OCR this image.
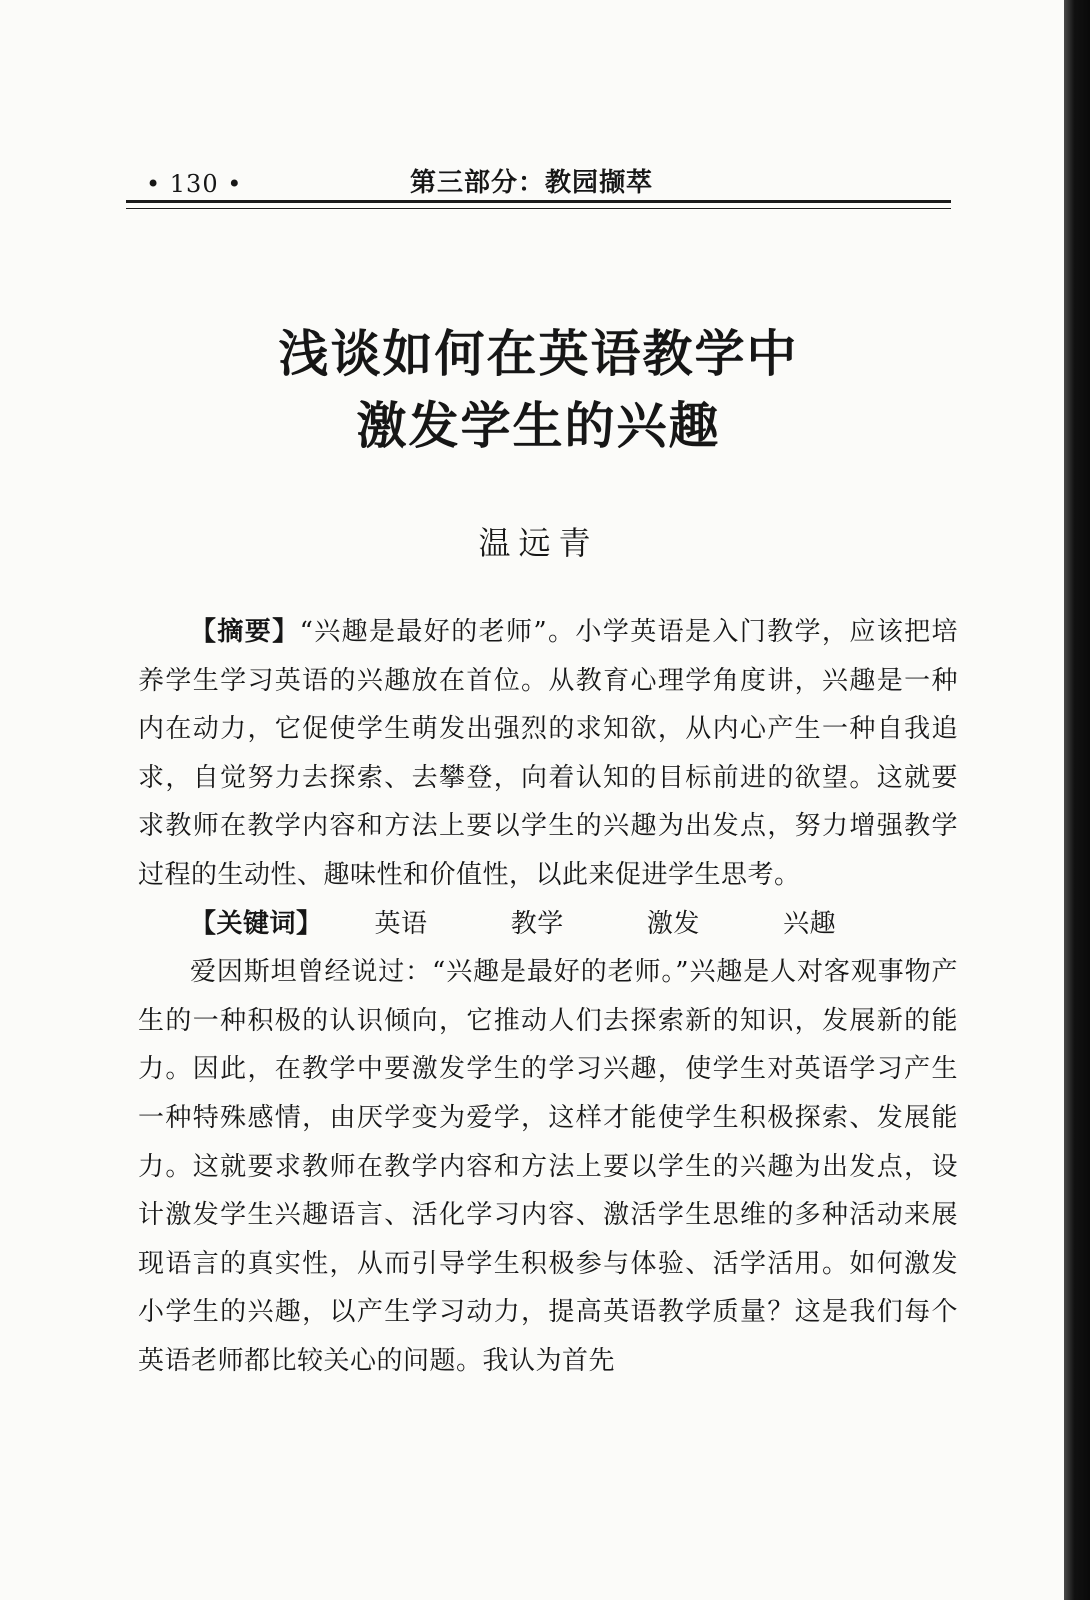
• 130 •	第三部分：教园撷萃
浅谈如何在英语教学中
激发学生的兴趣
温远青

【摘要】“兴趣是最好的老师”。小学英语是入门教学，应该把培养学生学习英语的兴趣放在首位。从教育心理学角度讲，兴趣是一种内在动力，它促使学生萌发出强烈的求知欲，从内心产生一种自我追求，自觉努力去探索、去攀登，向着认知的目标前进的欲望。这就要求教师在教学内容和方法上要以学生的兴趣为出发点，努力增强教学过程的生动性、趣味性和价值性，以此来促进学生思考。

【关键词】 英语	教学	激发	兴趣

爱因斯坦曾经说过：“兴趣是最好的老师。”兴趣是人对客观事物产生的一种积极的认识倾向，它推动人们去探索新的知识，发展新的能力。因此，在教学中要激发学生的学习兴趣，使学生对英语学习产生一种特殊感情，由厌学变为爱学，这样才能使学生积极探索、发展能力。这就要求教师在教学内容和方法上要以学生的兴趣为出发点，设计激发学生兴趣语言、活化学习内容、激活学生思维的多种活动来展现语言的真实性，从而引导学生积极参与体验、活学活用。如何激发小学生的兴趣，以产生学习动力，提高英语教学质量？这是我们每个英语老师都比较关心的问题。我认为首先
